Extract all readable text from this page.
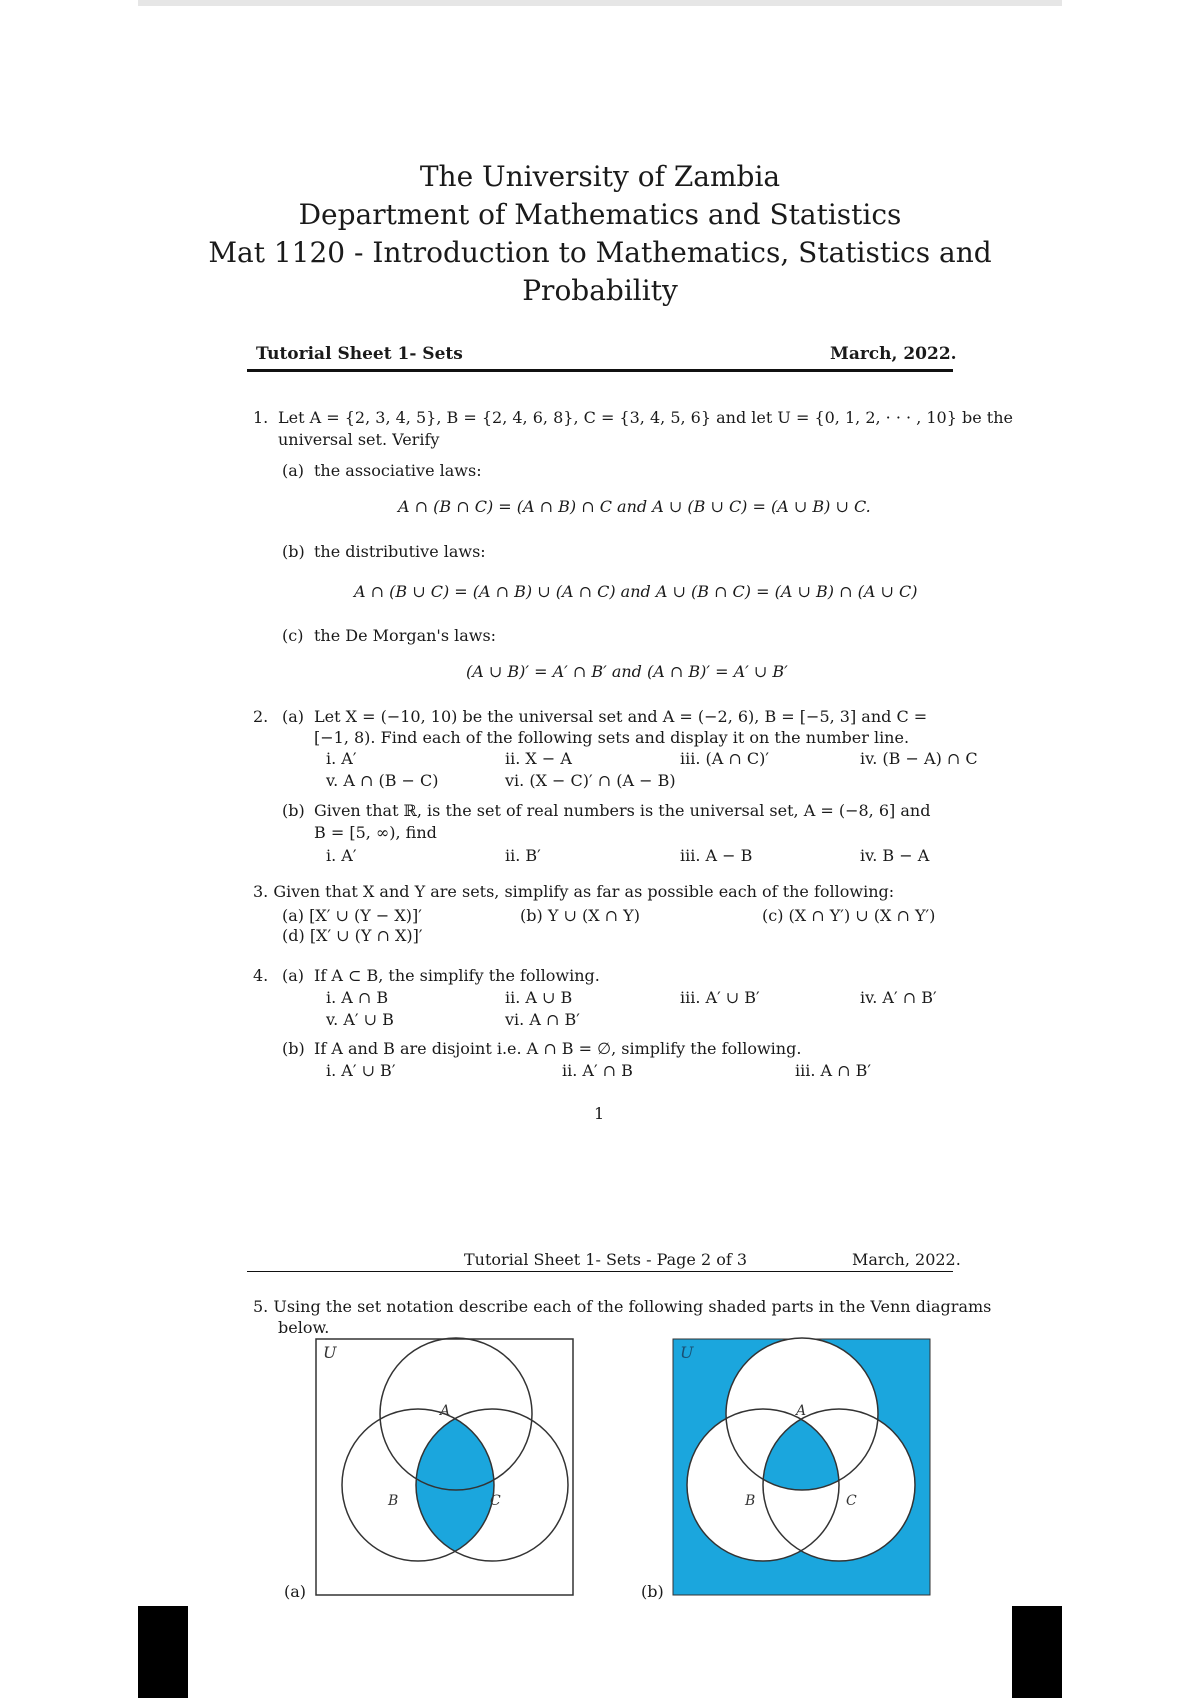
The University of Zambia
Department of Mathematics and Statistics
Mat 1120 - Introduction to Mathematics, Statistics and
Probability
Tutorial Sheet 1- Sets	March, 2022.
1. Let A = {2, 3, 4, 5}, B = {2, 4, 6, 8}, C = {3, 4, 5, 6} and let U = {0, 1, 2, · · · , 10} be the
universal set. Verify
(a) the associative laws:
A ∩ (B ∩ C) = (A ∩ B) ∩ C and A ∪ (B ∪ C) = (A ∪ B) ∪ C.
(b) the distributive laws:
A ∩ (B ∪ C) = (A ∩ B) ∪ (A ∩ C) and A ∪ (B ∩ C) = (A ∪ B) ∩ (A ∪ C)
(c) the De Morgan's laws:
(A ∪ B)′ = A′ ∩ B′ and (A ∩ B)′ = A′ ∪ B′
2. (a) Let X = (−10, 10) be the universal set and A = (−2, 6), B = [−5, 3] and C =
[−1, 8). Find each of the following sets and display it on the number line.
i. A′	ii. X − A	iii. (A ∩ C)′	iv. (B − A) ∩ C
v. A ∩ (B − C)	vi. (X − C)′ ∩ (A − B)
(b) Given that ℝ, is the set of real numbers is the universal set, A = (−8, 6] and
B = [5, ∞), find
i. A′	ii. B′	iii. A − B	iv. B − A
3. Given that X and Y are sets, simplify as far as possible each of the following:
(a) [X′ ∪ (Y − X)]′	(b) Y ∪ (X ∩ Y)	(c) (X ∩ Y′) ∪ (X ∩ Y′)
(d) [X′ ∪ (Y ∩ X)]′
4. (a) If A ⊂ B, the simplify the following.
i. A ∩ B	ii. A ∪ B	iii. A′ ∪ B′	iv. A′ ∩ B′
v. A′ ∪ B	vi. A ∩ B′
(b) If A and B are disjoint i.e. A ∩ B = ∅, simplify the following.
i. A′ ∪ B′	ii. A′ ∩ B	iii. A ∩ B′
1
Tutorial Sheet 1- Sets - Page 2 of 3	March, 2022.
5. Using the set notation describe each of the following shaded parts in the Venn diagrams
below.
U
A
B	C
U
A
B	C
(a)	(b)
